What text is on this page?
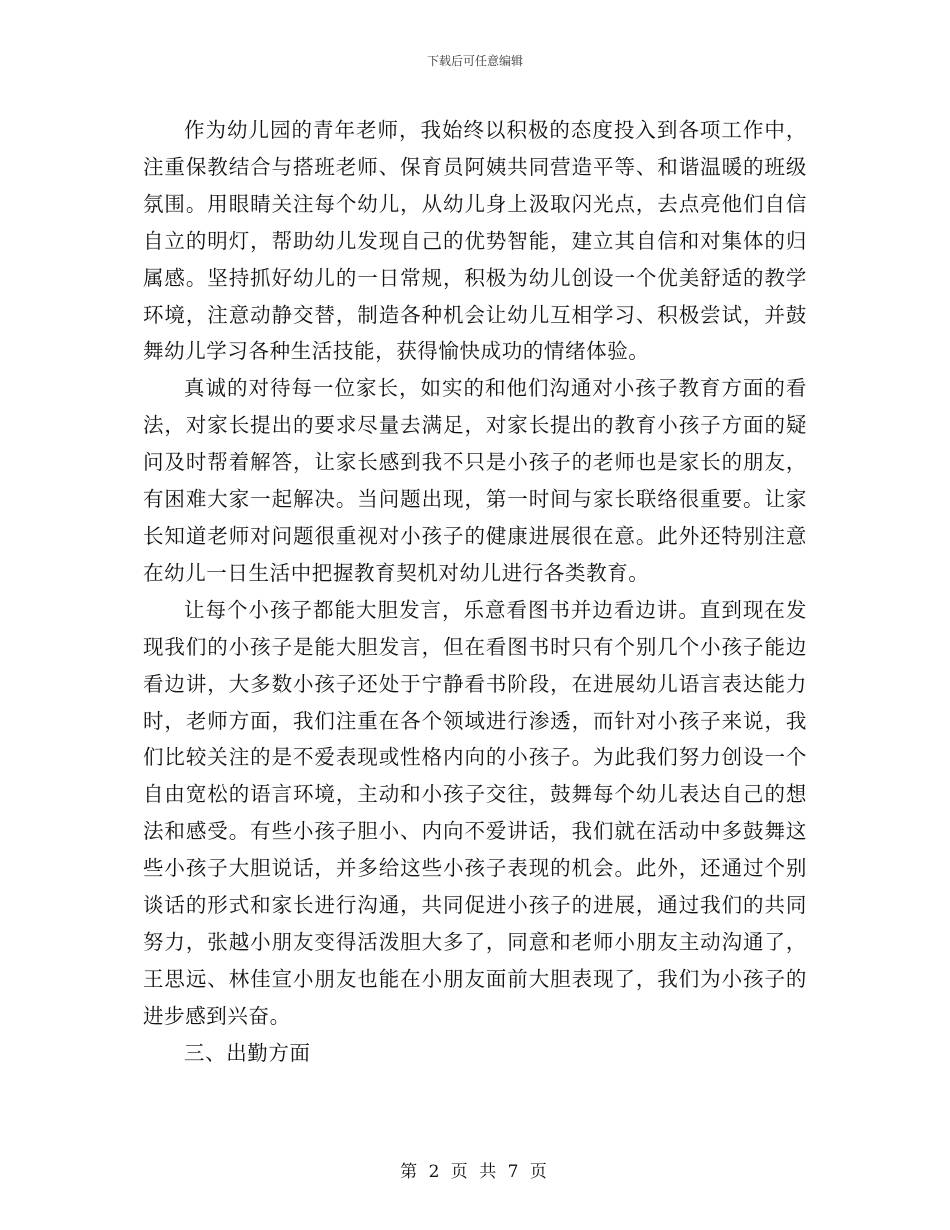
下载后可任意编辑

作为幼儿园的青年老师，我始终以积极的态度投入到各项工作中，注重保教结合与搭班老师、保育员阿姨共同营造平等、和谐温暖的班级氛围。用眼睛关注每个幼儿，从幼儿身上汲取闪光点，去点亮他们自信自立的明灯，帮助幼儿发现自己的优势智能，建立其自信和对集体的归属感。坚持抓好幼儿的一日常规，积极为幼儿创设一个优美舒适的教学环境，注意动静交替，制造各种机会让幼儿互相学习、积极尝试，并鼓舞幼儿学习各种生活技能，获得愉快成功的情绪体验。

真诚的对待每一位家长，如实的和他们沟通对小孩子教育方面的看法，对家长提出的要求尽量去满足，对家长提出的教育小孩子方面的疑问及时帮着解答，让家长感到我不只是小孩子的老师也是家长的朋友，有困难大家一起解决。当问题出现，第一时间与家长联络很重要。让家长知道老师对问题很重视对小孩子的健康进展很在意。此外还特别注意在幼儿一日生活中把握教育契机对幼儿进行各类教育。

让每个小孩子都能大胆发言，乐意看图书并边看边讲。直到现在发现我们的小孩子是能大胆发言，但在看图书时只有个别几个小孩子能边看边讲，大多数小孩子还处于宁静看书阶段，在进展幼儿语言表达能力时，老师方面，我们注重在各个领域进行渗透，而针对小孩子来说，我们比较关注的是不爱表现或性格内向的小孩子。为此我们努力创设一个自由宽松的语言环境，主动和小孩子交往，鼓舞每个幼儿表达自己的想法和感受。有些小孩子胆小、内向不爱讲话，我们就在活动中多鼓舞这些小孩子大胆说话，并多给这些小孩子表现的机会。此外，还通过个别谈话的形式和家长进行沟通，共同促进小孩子的进展，通过我们的共同努力，张越小朋友变得活泼胆大多了，同意和老师小朋友主动沟通了，王思远、林佳宣小朋友也能在小朋友面前大胆表现了，我们为小孩子的进步感到兴奋。

三、出勤方面

第 2 页 共 7 页
